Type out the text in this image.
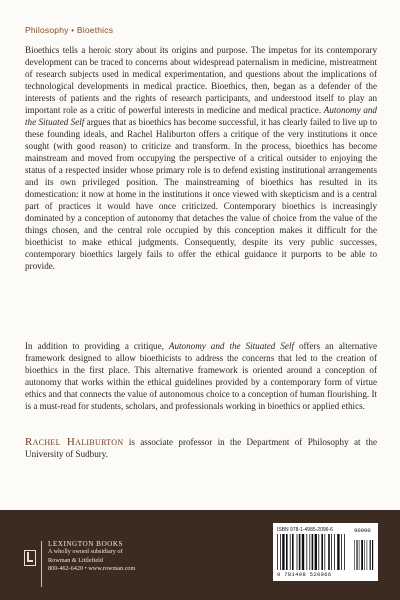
Philosophy • Bioethics

Bioethics tells a heroic story about its origins and purpose. The impetus for its contemporary development can be traced to concerns about widespread paternalism in medicine, mistreatment of research subjects used in medical experimentation, and questions about the implications of technological developments in medical practice. Bioethics, then, began as a defender of the interests of patients and the rights of research participants, and understood itself to play an important role as a critic of powerful interests in medicine and medical practice. Autonomy and the Situated Self argues that as bioethics has become successful, it has clearly failed to live up to these founding ideals, and Rachel Haliburton offers a critique of the very institutions it once sought (with good reason) to criticize and transform. In the process, bioethics has become mainstream and moved from occupying the perspective of a critical outsider to enjoying the status of a respected insider whose primary role is to defend existing institutional arrangements and its own privileged position. The mainstreaming of bioethics has resulted in its domestication: it now at home in the institutions it once viewed with skepticism and is a central part of practices it would have once criticized. Contemporary bioethics is increasingly dominated by a conception of autonomy that detaches the value of choice from the value of the things chosen, and the central role occupied by this conception makes it difficult for the bioethicist to make ethical judgments. Consequently, despite its very public successes, contemporary bioethics largely fails to offer the ethical guidance it purports to be able to provide.

In addition to providing a critique, Autonomy and the Situated Self offers an alternative framework designed to allow bioethicists to address the concerns that led to the creation of bioethics in the first place. This alternative framework is oriented around a conception of autonomy that works within the ethical guidelines provided by a contemporary form of virtue ethics and that connects the value of autonomous choice to a conception of human flourishing. It is a must-read for students, scholars, and professionals working in bioethics or applied ethics.

Rachel Haliburton is associate professor in the Department of Philosophy at the University of Sudbury.

LEXINGTON BOOKS
A wholly owned subsidiary of
Rowman & Littlefield
800-462-6420 • www.rowman.com
ISBN 978-1-4985-2096-6	90000
9 781498 520966
